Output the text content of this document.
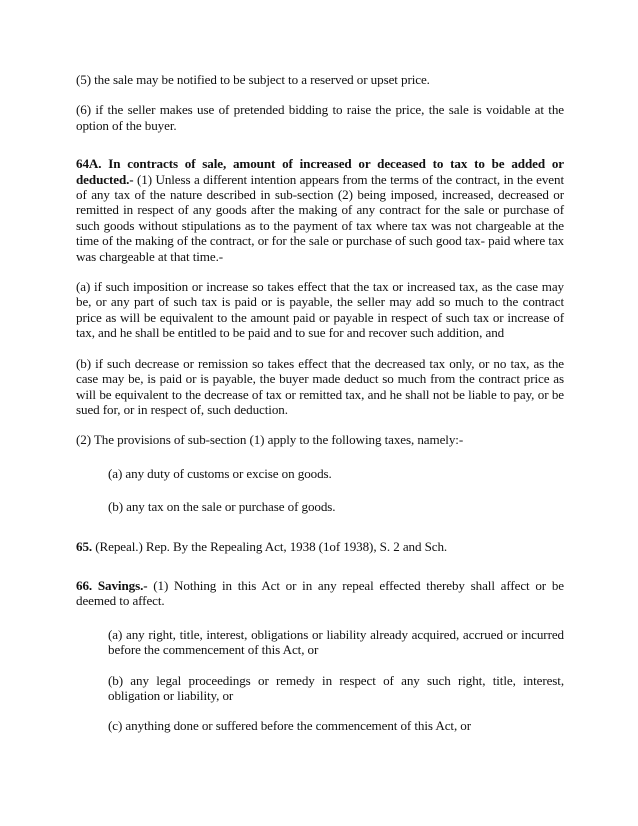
(5) the sale may be notified to be subject to a reserved or upset price.

(6) if the seller makes use of pretended bidding to raise the price, the sale is voidable at the option of the buyer.

64A. In contracts of sale, amount of increased or deceased to tax to be added or deducted.- (1) Unless a different intention appears from the terms of the contract, in the event of any tax of the nature described in sub-section (2) being imposed, increased, decreased or remitted in respect of any goods after the making of any contract for the sale or purchase of such goods without stipulations as to the payment of tax where tax was not chargeable at the time of the making of the contract, or for the sale or purchase of such good tax- paid where tax was chargeable at that time.-

(a) if such imposition or increase so takes effect that the tax or increased tax, as the case may be, or any part of such tax is paid or is payable, the seller may add so much to the contract price as will be equivalent to the amount paid or payable in respect of such tax or increase of tax, and he shall be entitled to be paid and to sue for and recover such addition, and

(b) if such decrease or remission so takes effect that the decreased tax only, or no tax, as the case may be, is paid or is payable, the buyer made deduct so much from the contract price as will be equivalent to the decrease of tax or remitted tax, and he shall not be liable to pay, or be sued for, or in respect of, such deduction.

(2) The provisions of sub-section (1) apply to the following taxes, namely:-

(a) any duty of customs or excise on goods.

(b) any tax on the sale or purchase of goods.

65. (Repeal.) Rep. By the Repealing Act, 1938 (1of 1938), S. 2 and Sch.
66. Savings.- (1) Nothing in this Act or in any repeal effected thereby shall affect or be deemed to affect.

(a) any right, title, interest, obligations or liability already acquired, accrued or incurred before the commencement of this Act, or

(b) any legal proceedings or remedy in respect of any such right, title, interest, obligation or liability, or

(c) anything done or suffered before the commencement of this Act, or
